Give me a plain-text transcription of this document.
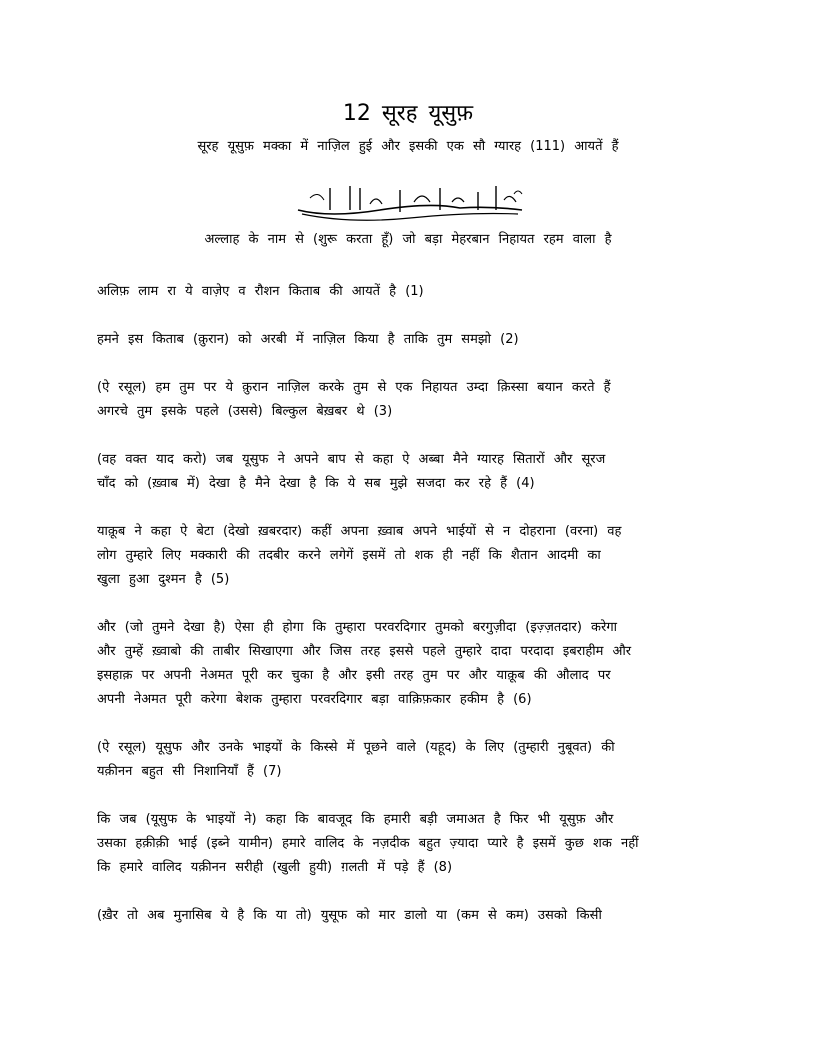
12 सूरह यूसुफ़
सूरह यूसुफ़ मक्का में नाज़िल हुई और इसकी एक सौ ग्यारह (111) आयतें हैं
अल्लाह के नाम से (शुरू करता हूँ) जो बड़ा मेहरबान निहायत रहम वाला है

अलिफ़ लाम रा ये वाज़ेए व रौशन किताब की आयतें है (1)

हमने इस किताब (क़ुरान) को अरबी में नाज़िल किया है ताकि तुम समझो (2)

(ऐ रसूल) हम तुम पर ये क़ुरान नाज़िल करके तुम से एक निहायत उम्दा क़िस्सा बयान करते हैं
अगरचे तुम इसके पहले (उससे) बिल्कुल बेख़बर थे (3)

(वह वक्त याद करो) जब यूसुफ ने अपने बाप से कहा ऐ अब्बा मैने ग्यारह सितारों और सूरज
चाँद को (ख़्वाब में) देखा है मैने देखा है कि ये सब मुझे सजदा कर रहे हैं (4)

याक़ूब ने कहा ऐ बेटा (देखो ख़बरदार) कहीं अपना ख़्वाब अपने भाईयों से न दोहराना (वरना) वह
लोग तुम्हारे लिए मक्कारी की तदबीर करने लगेगें इसमें तो शक ही नहीं कि शैतान आदमी का
खुला हुआ दुश्मन है (5)

और (जो तुमने देखा है) ऐसा ही होगा कि तुम्हारा परवरदिगार तुमको बरगुज़ीदा (इज़्ज़तदार) करेगा
और तुम्हें ख़्वाबो की ताबीर सिखाएगा और जिस तरह इससे पहले तुम्हारे दादा परदादा इबराहीम और
इसहाक़ पर अपनी नेअमत पूरी कर चुका है और इसी तरह तुम पर और याक़ूब की औलाद पर
अपनी नेअमत पूरी करेगा बेशक तुम्हारा परवरदिगार बड़ा वाक़िफ़कार हकीम है (6)

(ऐ रसूल) यूसुफ और उनके भाइयों के किस्से में पूछने वाले (यहूद) के लिए (तुम्हारी नुबूवत) की
यक़ीनन बहुत सी निशानियाँ हैं (7)

कि जब (यूसुफ के भाइयों ने) कहा कि बावजूद कि हमारी बड़ी जमाअत है फिर भी यूसुफ़ और
उसका हक़ीक़ी भाई (इब्ने यामीन) हमारे वालिद के नज़दीक बहुत ज़्यादा प्यारे है इसमें कुछ शक नहीं
कि हमारे वालिद यक़ीनन सरीही (खुली हुयी) ग़लती में पड़े हैं (8)

(ख़ैर तो अब मुनासिब ये है कि या तो) युसूफ को मार डालो या (कम से कम) उसको किसी
